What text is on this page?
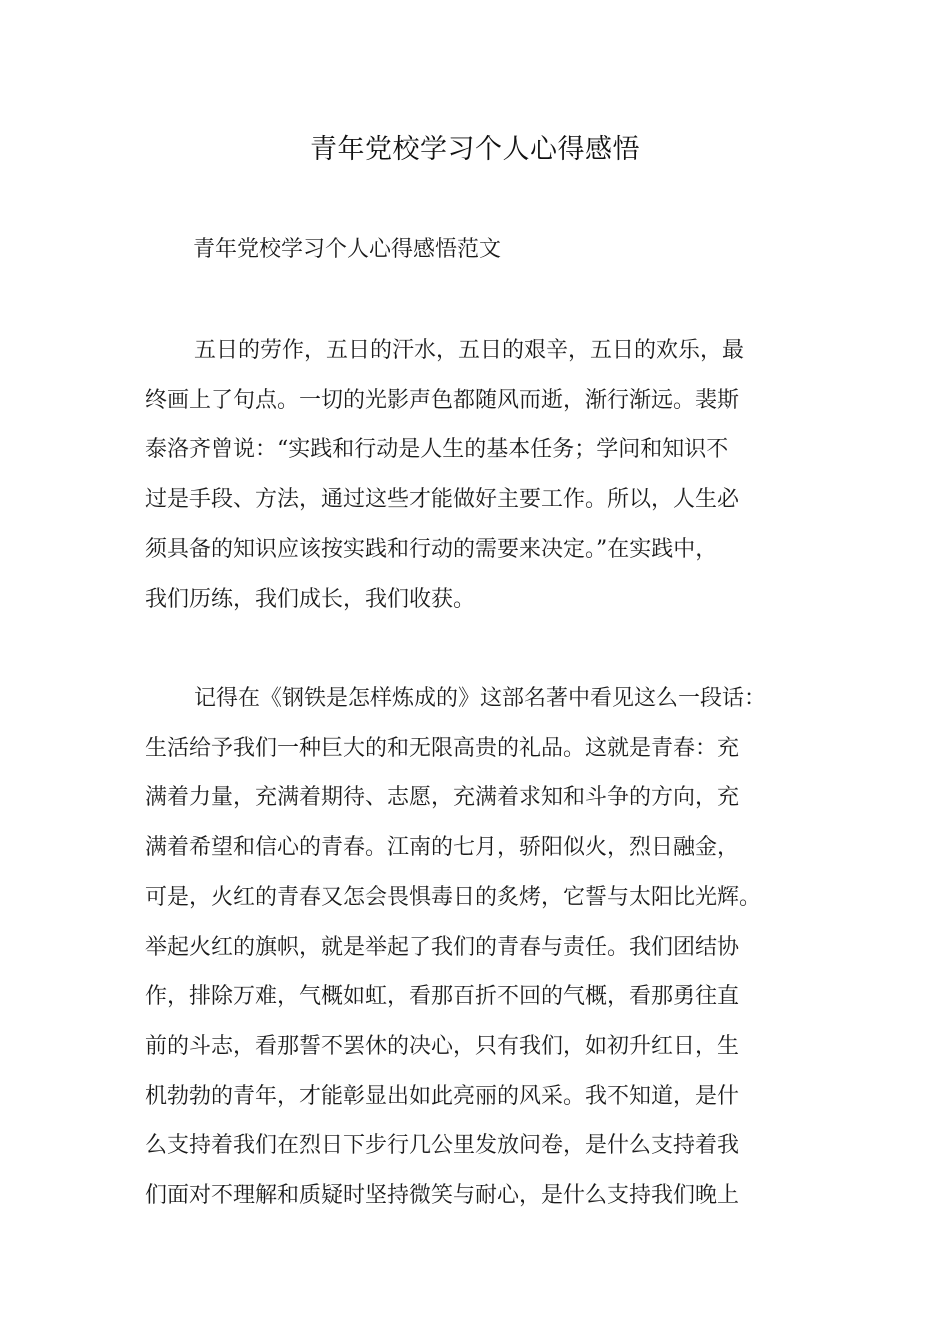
青年党校学习个人心得感悟

青年党校学习个人心得感悟范文

五日的劳作，五日的汗水，五日的艰辛，五日的欢乐，最
终画上了句点。一切的光影声色都随风而逝，渐行渐远。裴斯
泰洛齐曾说：“实践和行动是人生的基本任务；学问和知识不
过是手段、方法，通过这些才能做好主要工作。所以，人生必
须具备的知识应该按实践和行动的需要来决定。”在实践中，
我们历练，我们成长，我们收获。
记得在《钢铁是怎样炼成的》这部名著中看见这么一段话：
生活给予我们一种巨大的和无限高贵的礼品。这就是青春：充
满着力量，充满着期待、志愿，充满着求知和斗争的方向，充
满着希望和信心的青春。江南的七月，骄阳似火，烈日融金，
可是，火红的青春又怎会畏惧毒日的炙烤，它誓与太阳比光辉。
举起火红的旗帜，就是举起了我们的青春与责任。我们团结协
作，排除万难，气概如虹，看那百折不回的气概，看那勇往直
前的斗志，看那誓不罢休的决心，只有我们，如初升红日，生
机勃勃的青年，才能彰显出如此亮丽的风采。我不知道，是什
么支持着我们在烈日下步行几公里发放问卷，是什么支持着我
们面对不理解和质疑时坚持微笑与耐心，是什么支持我们晚上
